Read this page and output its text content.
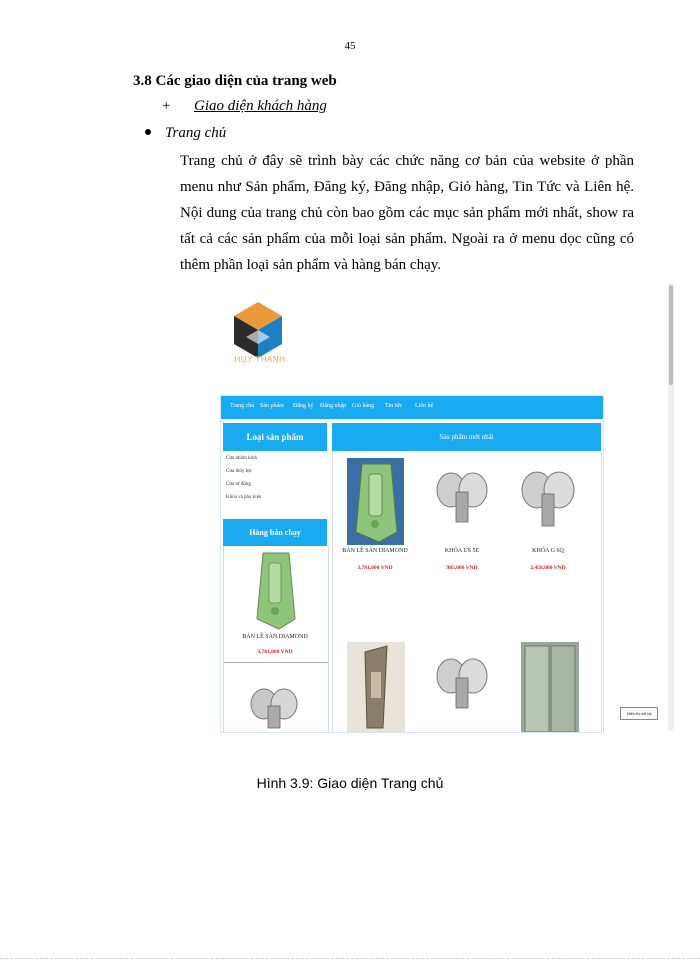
45
3.8 Các giao diện của trang web
+ Giao diện khách hàng
Trang chủ
Trang chủ ở đây sẽ trình bày các chức năng cơ bản của website ở phần menu như Sản phẩm, Đăng ký, Đăng nhập, Giỏ hàng, Tin Tức và Liên hệ. Nội dung của trang chủ còn bao gồm các mục sản phẩm mới nhất, show ra tất cả các sản phẩm của mỗi loại sản phẩm. Ngoài ra ở menu dọc cũng có thêm phần loại sản phẩm và hàng bán chạy.
HUY THANH
Trang chủ Sản phẩm Đăng ký Đăng nhập Giỏ hàng Tin tức Liên hệ
Loại sản phẩm
Cửa nhôm kính
Cửa thủy lực
Cửa tự động
Khóa và phụ kiện
Hàng bán chạy
BẢN LỀ SÀN DIAMOND
3,781,000 VND
Sản phẩm mới nhất
BẢN LỀ SÀN DIAMOND
3,781,000 VND
KHÓA US 5E
985,000 VND
KHÓA G 6Q
2,458,000 VND
Hiển thị tất cả
Hình 3.9: Giao diện Trang chủ
